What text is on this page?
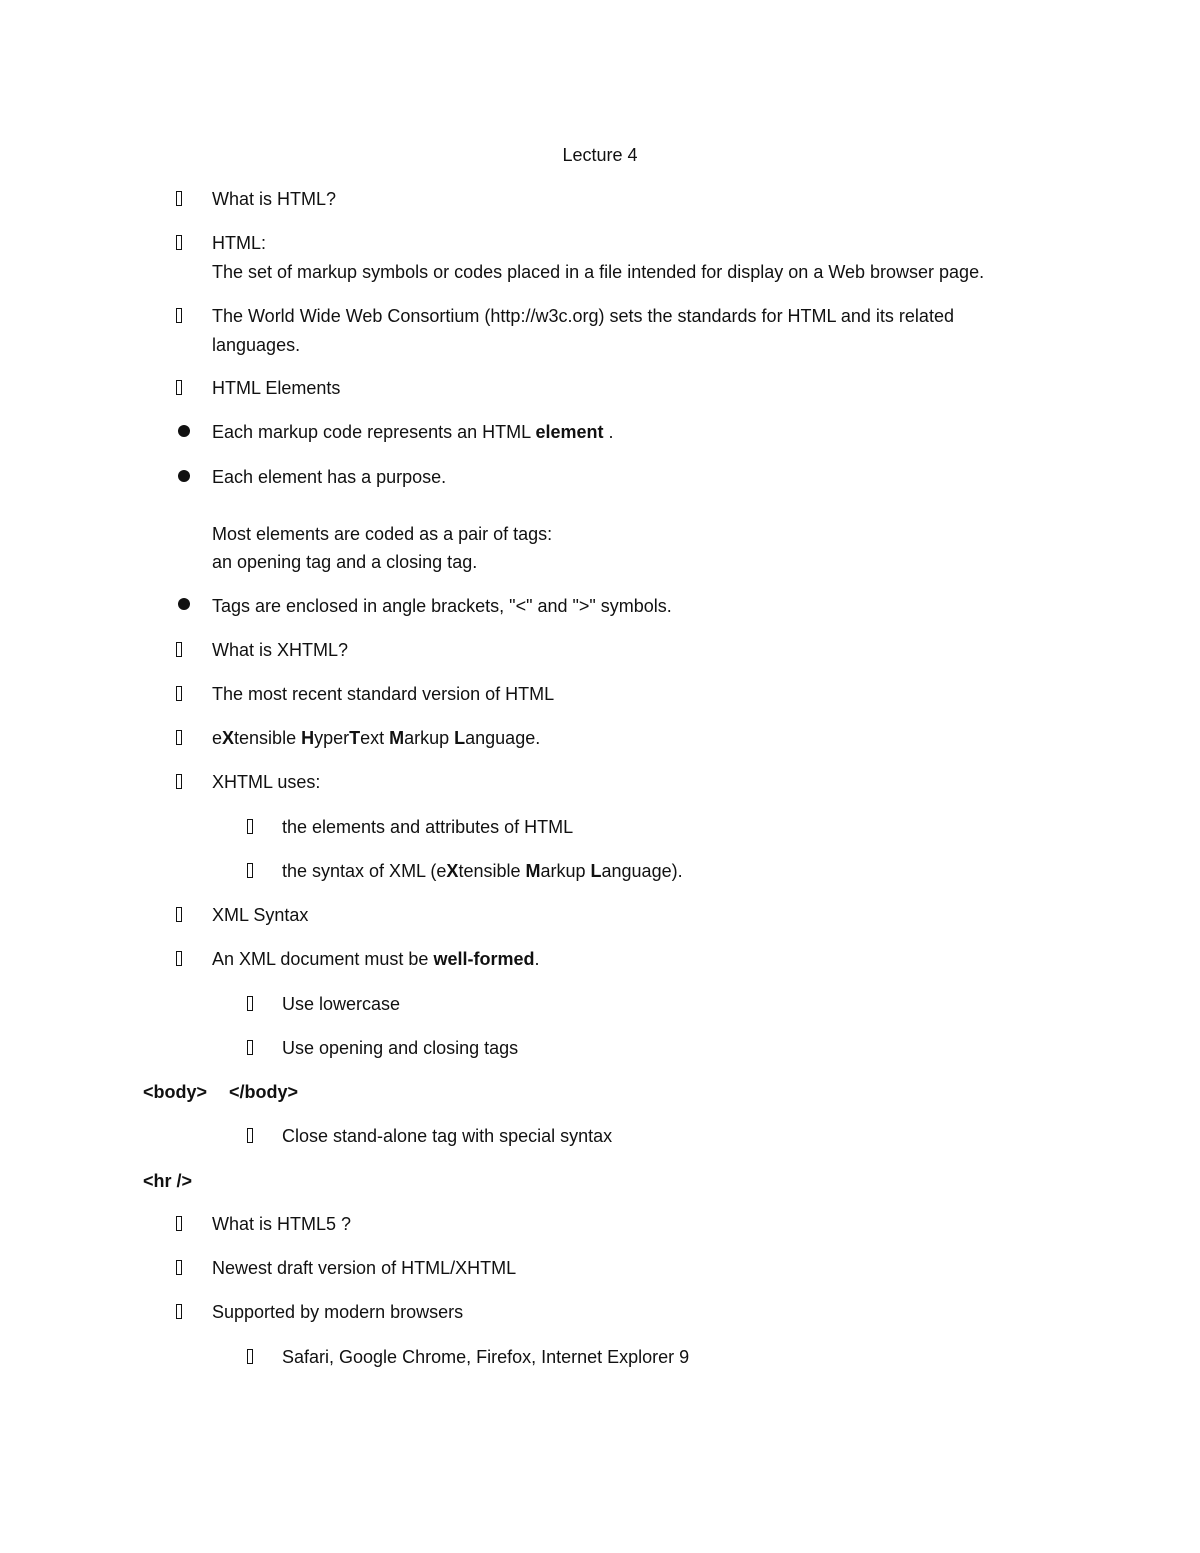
Lecture 4
What is HTML?
HTML:
The set of markup symbols or codes placed in a file intended for display on a Web browser page.
The World Wide Web Consortium (http://w3c.org) sets the standards for HTML and its related
languages.
HTML Elements
Each markup code represents an HTML element .
Each element has a purpose.
Most elements are coded as a pair of tags:
an opening tag and a closing tag.
Tags are enclosed in angle brackets, "<" and ">" symbols.
What is XHTML?
The most recent standard version of HTML
eXtensible HyperText Markup Language.
XHTML uses:
the elements and attributes of HTML
the syntax of XML (eXtensible Markup Language).
XML Syntax
An XML document must be well-formed.
Use lowercase
Use opening and closing tags
<body> </body>
Close stand-alone tag with special syntax
<hr />
What is HTML5 ?
Newest draft version of HTML/XHTML
Supported by modern browsers
Safari, Google Chrome, Firefox, Internet Explorer 9
